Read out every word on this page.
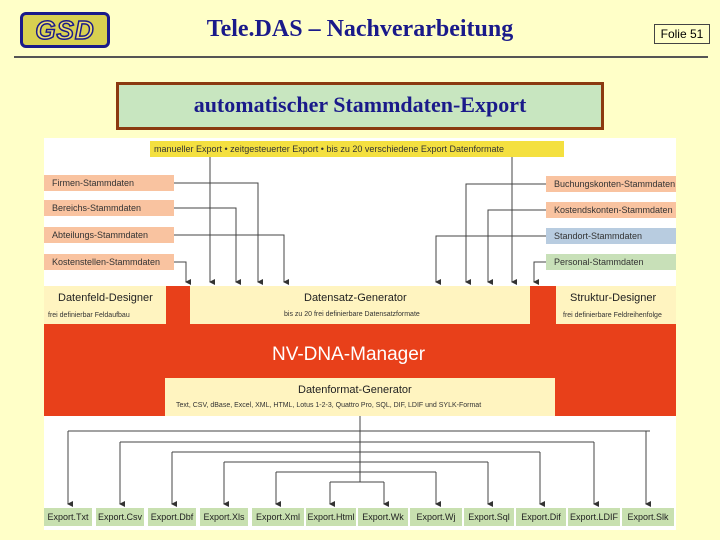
GSD	Tele.DAS – Nachverarbeitung	Folie 51
automatischer Stammdaten-Export
manueller Export • zeitgesteuerter Export • bis zu 20 verschiedene Export Datenformate
Firmen-Stammdaten
Bereichs-Stammdaten
Abteilungs-Stammdaten
Kostenstellen-Stammdaten
Buchungskonten-Stammdaten
Kostendskonten-Stammdaten
Standort-Stammdaten
Personal-Stammdaten
Datenfeld-Designer
frei definierbar Feldaufbau
Datensatz-Generator
bis zu 20 frei definierbare Datensatzformate
Struktur-Designer
frei definierbare Feldreihenfolge
NV-DNA-Manager
Datenformat-Generator
Text, CSV, dBase, Excel, XML, HTML, Lotus 1-2-3, Quattro Pro, SQL, DIF, LDIF und SYLK-Format
Export.Txt	Export.Csv Export.Dbf	Export.Xls	Export.Xml Export.Html Export.Wk	Export.Wj	Export.Sql	Export.Dif	Export.LDIF	Export.Slk
